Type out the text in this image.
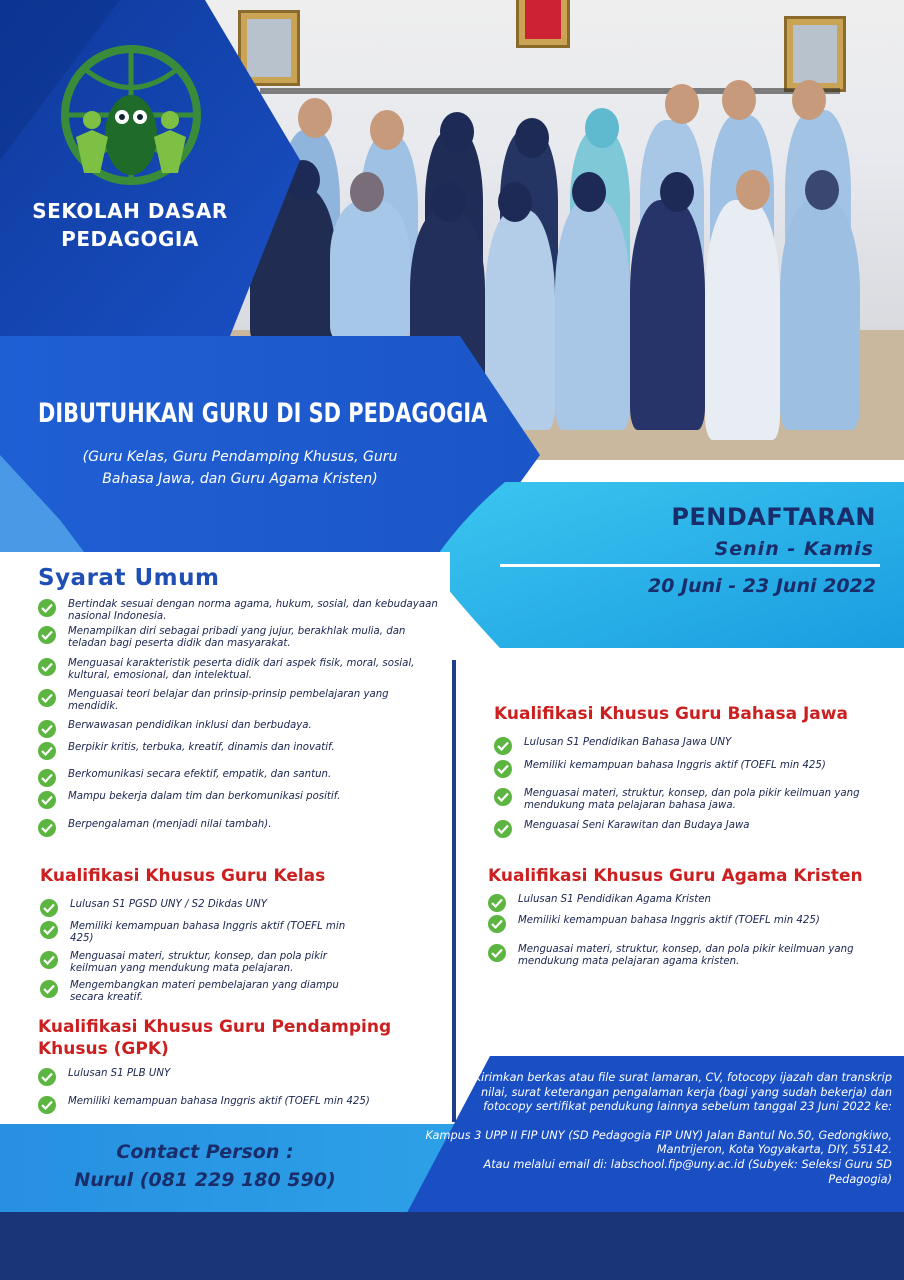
SEKOLAH DASAR
PEDAGOGIA
DIBUTUHKAN GURU DI SD PEDAGOGIA
(Guru Kelas, Guru Pendamping Khusus, Guru Bahasa Jawa, dan Guru Agama Kristen)
PENDAFTARAN
Senin - Kamis
20 Juni - 23 Juni 2022
Syarat Umum
Bertindak sesuai dengan norma agama, hukum, sosial, dan kebudayaan nasional Indonesia.
Menampilkan diri sebagai pribadi yang jujur, berakhlak mulia, dan teladan bagi peserta didik dan masyarakat.
Menguasai karakteristik peserta didik dari aspek fisik, moral, sosial, kultural, emosional, dan intelektual.
Menguasai teori belajar dan prinsip-prinsip pembelajaran yang mendidik.
Berwawasan pendidikan inklusi dan berbudaya.
Berpikir kritis, terbuka, kreatif, dinamis dan inovatif.
Berkomunikasi secara efektif, empatik, dan santun.
Mampu bekerja dalam tim dan berkomunikasi positif.
Berpengalaman (menjadi nilai tambah).
Kualifikasi Khusus Guru Kelas
Lulusan S1 PGSD UNY / S2 Dikdas UNY
Memiliki kemampuan bahasa Inggris aktif (TOEFL min 425)
Menguasai materi, struktur, konsep, dan pola pikir keilmuan yang mendukung mata pelajaran.
Mengembangkan materi pembelajaran yang diampu secara kreatif.
Kualifikasi Khusus Guru Pendamping Khusus (GPK)
Lulusan S1 PLB UNY
Memiliki kemampuan bahasa Inggris aktif (TOEFL min 425)
Kualifikasi Khusus Guru Bahasa Jawa
Lulusan S1 Pendidikan Bahasa Jawa UNY
Memiliki kemampuan bahasa Inggris aktif (TOEFL min 425)
Menguasai materi, struktur, konsep, dan pola pikir keilmuan yang mendukung mata pelajaran bahasa jawa.
Menguasai Seni Karawitan dan Budaya Jawa
Kualifikasi Khusus Guru Agama Kristen
Lulusan S1 Pendidikan Agama Kristen
Memiliki kemampuan bahasa Inggris aktif (TOEFL min 425)
Menguasai materi, struktur, konsep, dan pola pikir keilmuan yang mendukung mata pelajaran agama kristen.
Contact Person :
Nurul (081 229 180 590)

Kirimkan berkas atau file surat lamaran, CV, fotocopy ijazah dan transkrip nilai, surat keterangan pengalaman kerja (bagi yang sudah bekerja) dan fotocopy sertifikat pendukung lainnya sebelum tanggal 23 Juni 2022 ke:

Kampus 3 UPP II FIP UNY (SD Pedagogia FIP UNY) Jalan Bantul No.50, Gedongkiwo, Mantrijeron, Kota Yogyakarta, DIY, 55142.

Atau melalui email di: labschool.fip@uny.ac.id (Subyek: Seleksi Guru SD Pedagogia)
